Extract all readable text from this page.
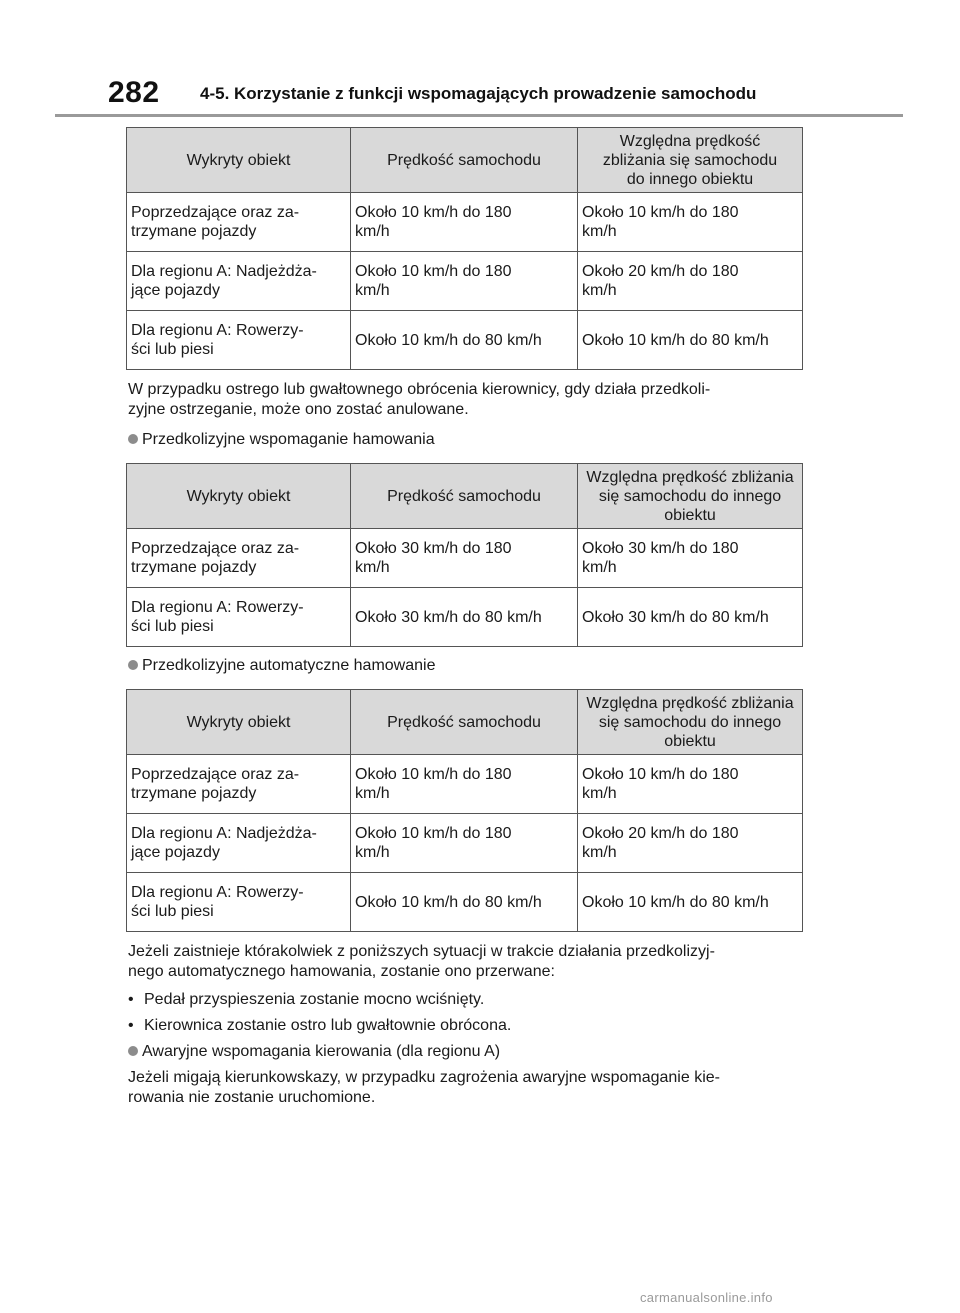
282 4-5. Korzystanie z funkcji wspomagających prowadzenie samochodu
Wykryty obiekt	Prędkość samochodu	Względna prędkość
zbliżania się samochodu
do innego obiektu

Poprzedzające oraz za-
trzymane pojazdy	Około 10 km/h do 180
km/h	Około 10 km/h do 180
km/h

Dla regionu A: Nadjeżdża-
jące pojazdy	Około 10 km/h do 180
km/h	Około 20 km/h do 180
km/h

Dla regionu A: Rowerzy-
ści lub piesi	Około 10 km/h do 80 km/h	Około 10 km/h do 80 km/h
W przypadku ostrego lub gwałtownego obrócenia kierownicy, gdy działa przedkoli-
zyjne ostrzeganie, może ono zostać anulowane.
Przedkolizyjne wspomaganie hamowania
Wykryty obiekt	Prędkość samochodu	Względna prędkość zbliżania się samochodu do innego obiektu

Poprzedzające oraz za-
trzymane pojazdy	Około 30 km/h do 180
km/h	Około 30 km/h do 180
km/h

Dla regionu A: Rowerzy-
ści lub piesi	Około 30 km/h do 80 km/h	Około 30 km/h do 80 km/h
Przedkolizyjne automatyczne hamowanie
Wykryty obiekt	Prędkość samochodu	Względna prędkość zbliżania się samochodu do innego obiektu

Poprzedzające oraz za-
trzymane pojazdy	Około 10 km/h do 180
km/h	Około 10 km/h do 180
km/h

Dla regionu A: Nadjeżdża-
jące pojazdy	Około 10 km/h do 180
km/h	Około 20 km/h do 180
km/h

Dla regionu A: Rowerzy-
ści lub piesi	Około 10 km/h do 80 km/h	Około 10 km/h do 80 km/h
Jeżeli zaistnieje którakolwiek z poniższych sytuacji w trakcie działania przedkolizyj-
nego automatycznego hamowania, zostanie ono przerwane:
• Pedał przyspieszenia zostanie mocno wciśnięty.
• Kierownica zostanie ostro lub gwałtownie obrócona.
Awaryjne wspomagania kierowania (dla regionu A)
Jeżeli migają kierunkowskazy, w przypadku zagrożenia awaryjne wspomaganie kie-
rowania nie zostanie uruchomione.
carmanualsonline.info
